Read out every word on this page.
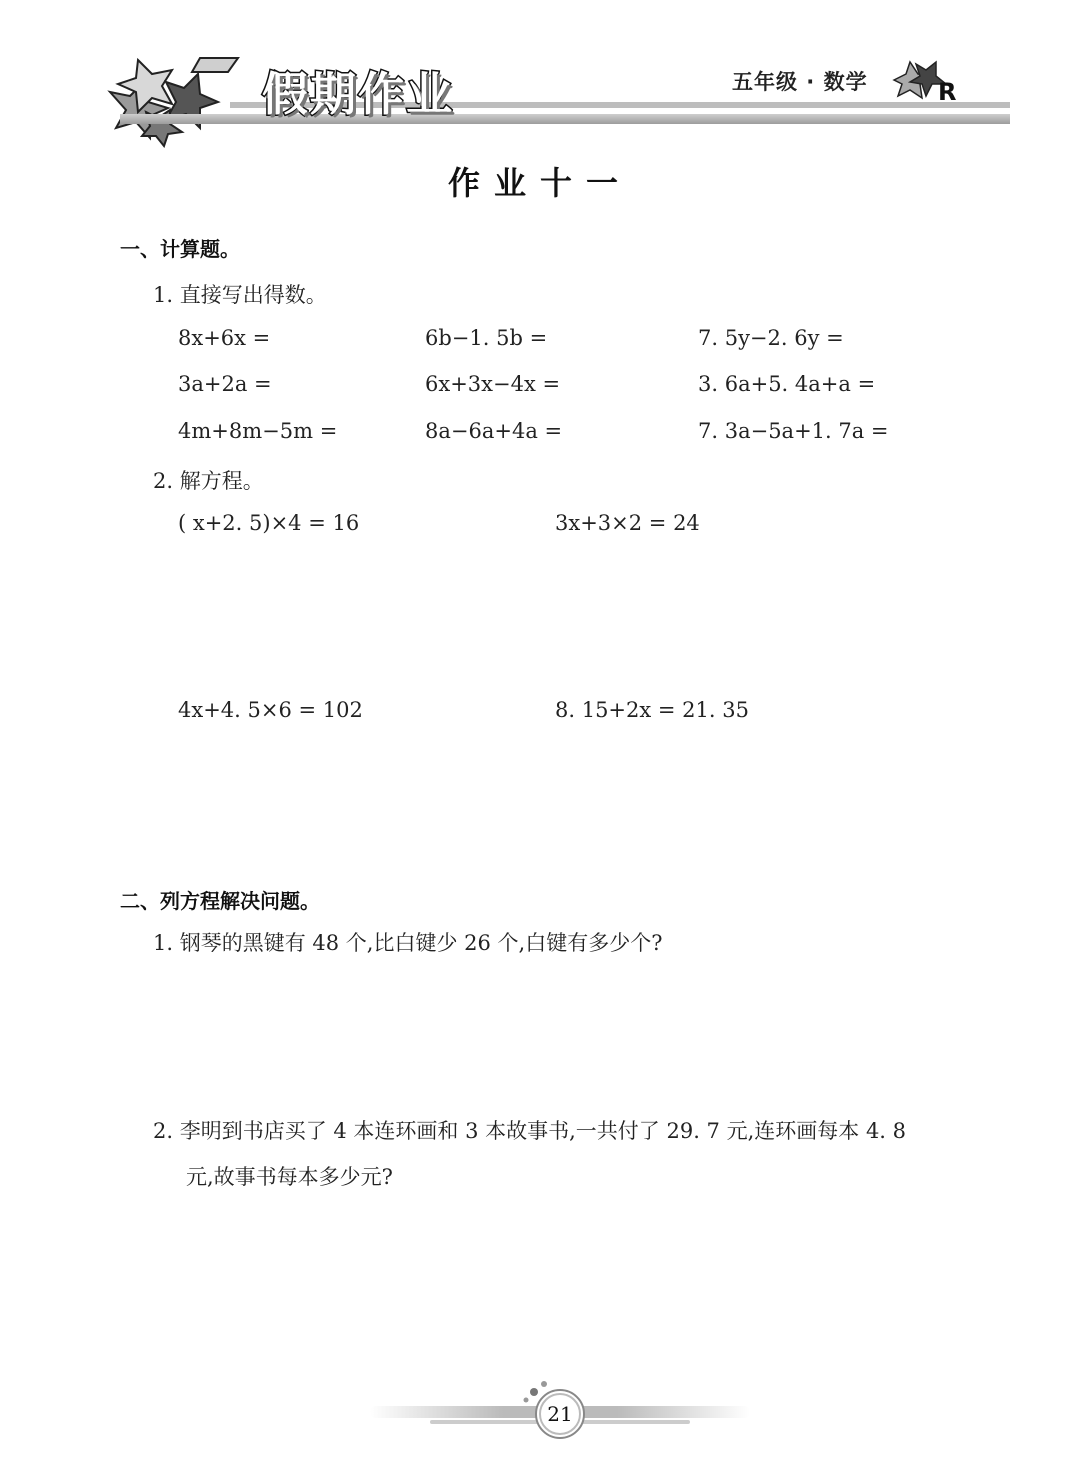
假期作业	五年级 · 数学	R
作业十一
一、计算题。
1. 直接写出得数。
8x+6x =	6b−1. 5b =	7. 5y−2. 6y =
3a+2a =	6x+3x−4x =	3. 6a+5. 4a+a =
4m+8m−5m =	8a−6a+4a =	7. 3a−5a+1. 7a =
2. 解方程。
( x+2. 5)×4 = 16	3x+3×2 = 24
4x+4. 5×6 = 102	8. 15+2x = 21. 35
二、列方程解决问题。
1. 钢琴的黑键有 48 个,比白键少 26 个,白键有多少个?
2. 李明到书店买了 4 本连环画和 3 本故事书,一共付了 29. 7 元,连环画每本 4. 8
元,故事书每本多少元?
21
